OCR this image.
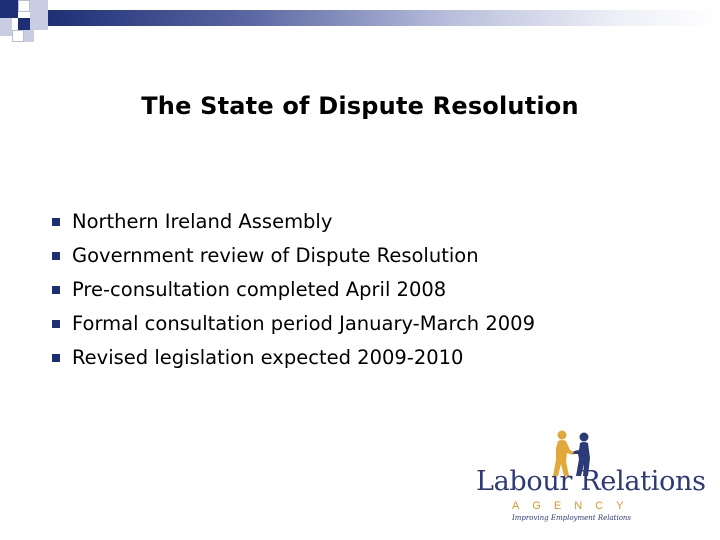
The State of Dispute Resolution
Northern Ireland Assembly
Government review of Dispute Resolution
Pre-consultation completed April 2008
Formal consultation period January-March 2009
Revised legislation expected 2009-2010
Labour Relations
AGENCY
Improving Employment Relations
